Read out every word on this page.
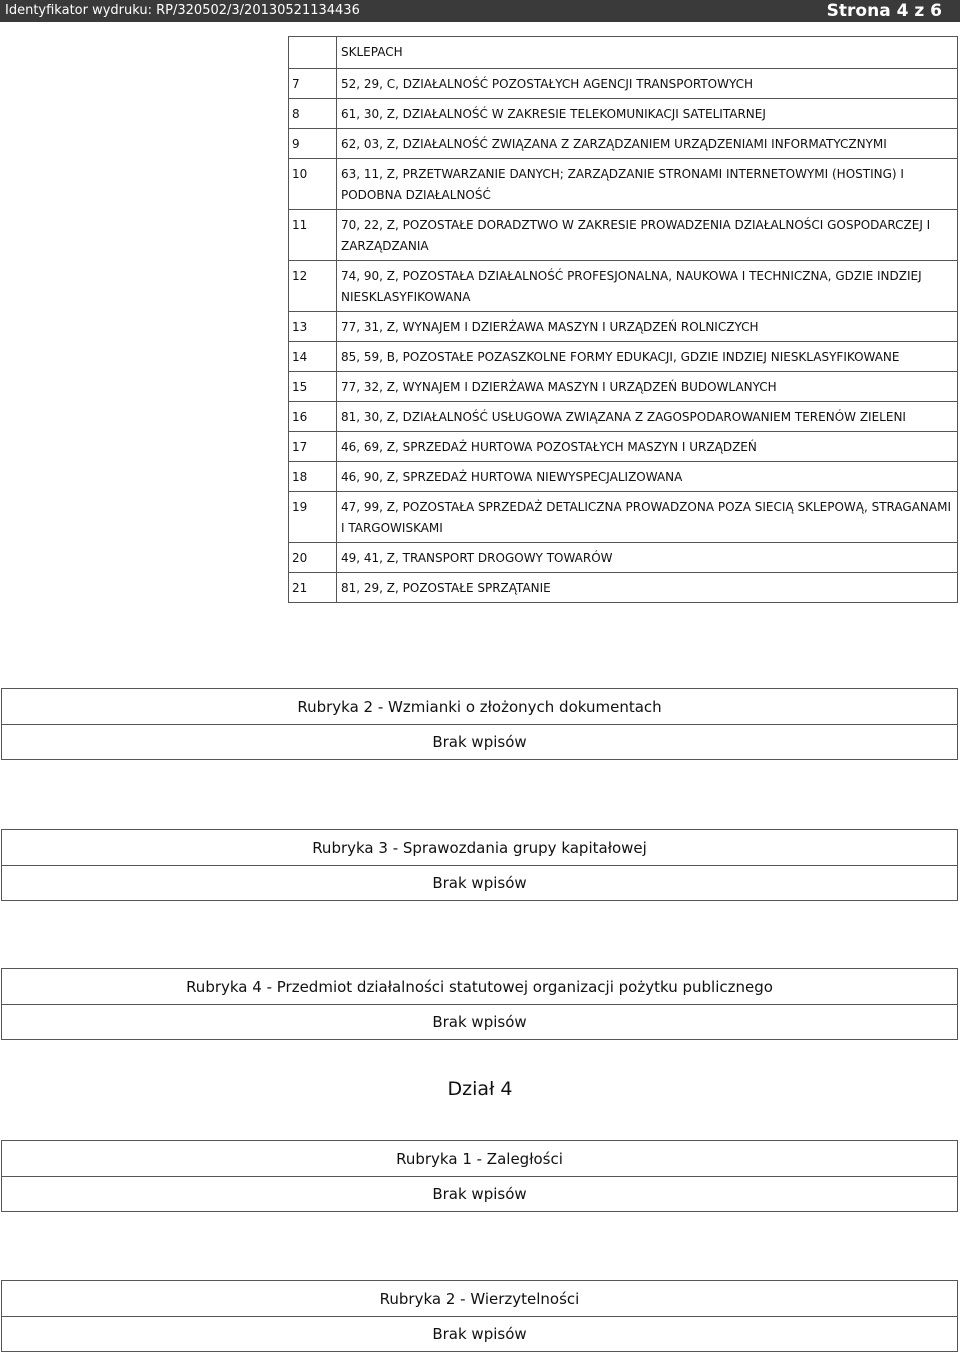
Identyfikator wydruku: RP/320502/3/20130521134436	Strona 4 z 6
	SKLEPACH
7	52, 29, C, DZIAŁALNOŚĆ POZOSTAŁYCH AGENCJI TRANSPORTOWYCH
8	61, 30, Z, DZIAŁALNOŚĆ W ZAKRESIE TELEKOMUNIKACJI SATELITARNEJ
9	62, 03, Z, DZIAŁALNOŚĆ ZWIĄZANA Z ZARZĄDZANIEM URZĄDZENIAMI INFORMATYCZNYMI
10	63, 11, Z, PRZETWARZANIE DANYCH; ZARZĄDZANIE STRONAMI INTERNETOWYMI (HOSTING) I PODOBNA DZIAŁALNOŚĆ
11	70, 22, Z, POZOSTAŁE DORADZTWO W ZAKRESIE PROWADZENIA DZIAŁALNOŚCI GOSPODARCZEJ I ZARZĄDZANIA
12	74, 90, Z, POZOSTAŁA DZIAŁALNOŚĆ PROFESJONALNA, NAUKOWA I TECHNICZNA, GDZIE INDZIEJ NIESKLASYFIKOWANA
13	77, 31, Z, WYNAJEM I DZIERŻAWA MASZYN I URZĄDZEŃ ROLNICZYCH
14	85, 59, B, POZOSTAŁE POZASZKOLNE FORMY EDUKACJI, GDZIE INDZIEJ NIESKLASYFIKOWANE
15	77, 32, Z, WYNAJEM I DZIERŻAWA MASZYN I URZĄDZEŃ BUDOWLANYCH
16	81, 30, Z, DZIAŁALNOŚĆ USŁUGOWA ZWIĄZANA Z ZAGOSPODAROWANIEM TERENÓW ZIELENI
17	46, 69, Z, SPRZEDAŻ HURTOWA POZOSTAŁYCH MASZYN I URZĄDZEŃ
18	46, 90, Z, SPRZEDAŻ HURTOWA NIEWYSPECJALIZOWANA
19	47, 99, Z, POZOSTAŁA SPRZEDAŻ DETALICZNA PROWADZONA POZA SIECIĄ SKLEPOWĄ, STRAGANAMI I TARGOWISKAMI
20	49, 41, Z, TRANSPORT DROGOWY TOWARÓW
21	81, 29, Z, POZOSTAŁE SPRZĄTANIE
Rubryka 2 - Wzmianki o złożonych dokumentach
Brak wpisów
Rubryka 3 - Sprawozdania grupy kapitałowej
Brak wpisów
Rubryka 4 - Przedmiot działalności statutowej organizacji pożytku publicznego
Brak wpisów
Dział 4
Rubryka 1 - Zaległości
Brak wpisów
Rubryka 2 - Wierzytelności
Brak wpisów
